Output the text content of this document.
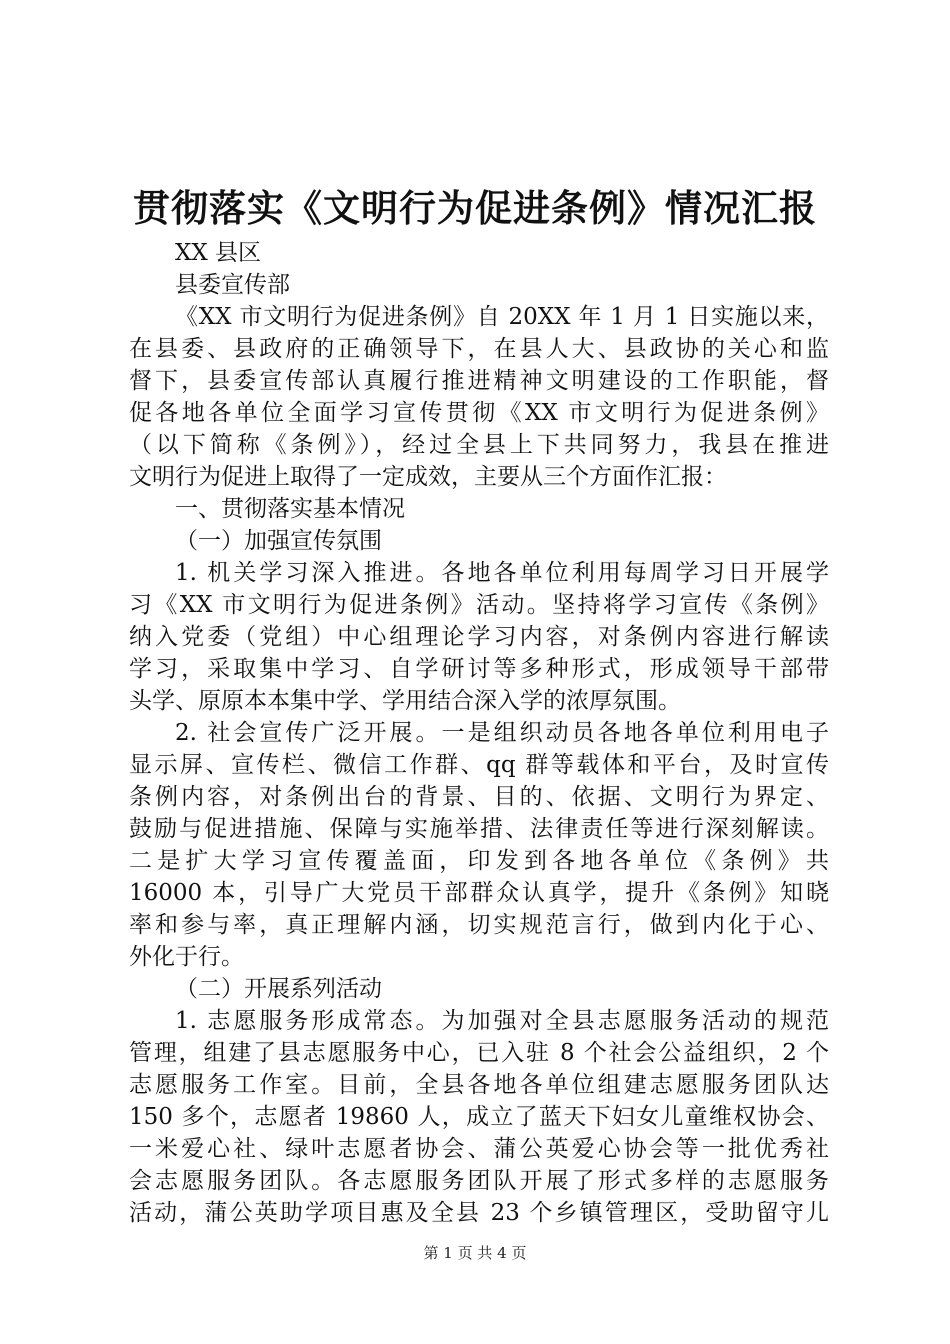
贯彻落实《文明行为促进条例》情况汇报

XX 县区

县委宣传部

《XX 市文明行为促进条例》自 20XX 年 1 月 1 日实施以来，

在县委、县政府的正确领导下，在县人大、县政协的关心和监

督下，县委宣传部认真履行推进精神文明建设的工作职能，督

促各地各单位全面学习宣传贯彻《XX 市文明行为促进条例》

（以下简称《条例》），经过全县上下共同努力，我县在推进

文明行为促进上取得了一定成效，主要从三个方面作汇报：

一、贯彻落实基本情况

（一）加强宣传氛围

1. 机关学习深入推进。各地各单位利用每周学习日开展学

习《XX 市文明行为促进条例》活动。坚持将学习宣传《条例》

纳入党委（党组）中心组理论学习内容，对条例内容进行解读

学习，采取集中学习、自学研讨等多种形式，形成领导干部带

头学、原原本本集中学、学用结合深入学的浓厚氛围。

2. 社会宣传广泛开展。一是组织动员各地各单位利用电子

显示屏、宣传栏、微信工作群、qq 群等载体和平台，及时宣传

条例内容，对条例出台的背景、目的、依据、文明行为界定、

鼓励与促进措施、保障与实施举措、法律责任等进行深刻解读。

二是扩大学习宣传覆盖面，印发到各地各单位《条例》共

16000 本，引导广大党员干部群众认真学，提升《条例》知晓

率和参与率，真正理解内涵，切实规范言行，做到内化于心、

外化于行。

（二）开展系列活动

1. 志愿服务形成常态。为加强对全县志愿服务活动的规范

管理，组建了县志愿服务中心，已入驻 8 个社会公益组织，2 个

志愿服务工作室。目前，全县各地各单位组建志愿服务团队达

150 多个，志愿者 19860 人，成立了蓝天下妇女儿童维权协会、

一米爱心社、绿叶志愿者协会、蒲公英爱心协会等一批优秀社

会志愿服务团队。各志愿服务团队开展了形式多样的志愿服务

活动，蒲公英助学项目惠及全县 23 个乡镇管理区，受助留守儿

第 1 页 共 4 页
